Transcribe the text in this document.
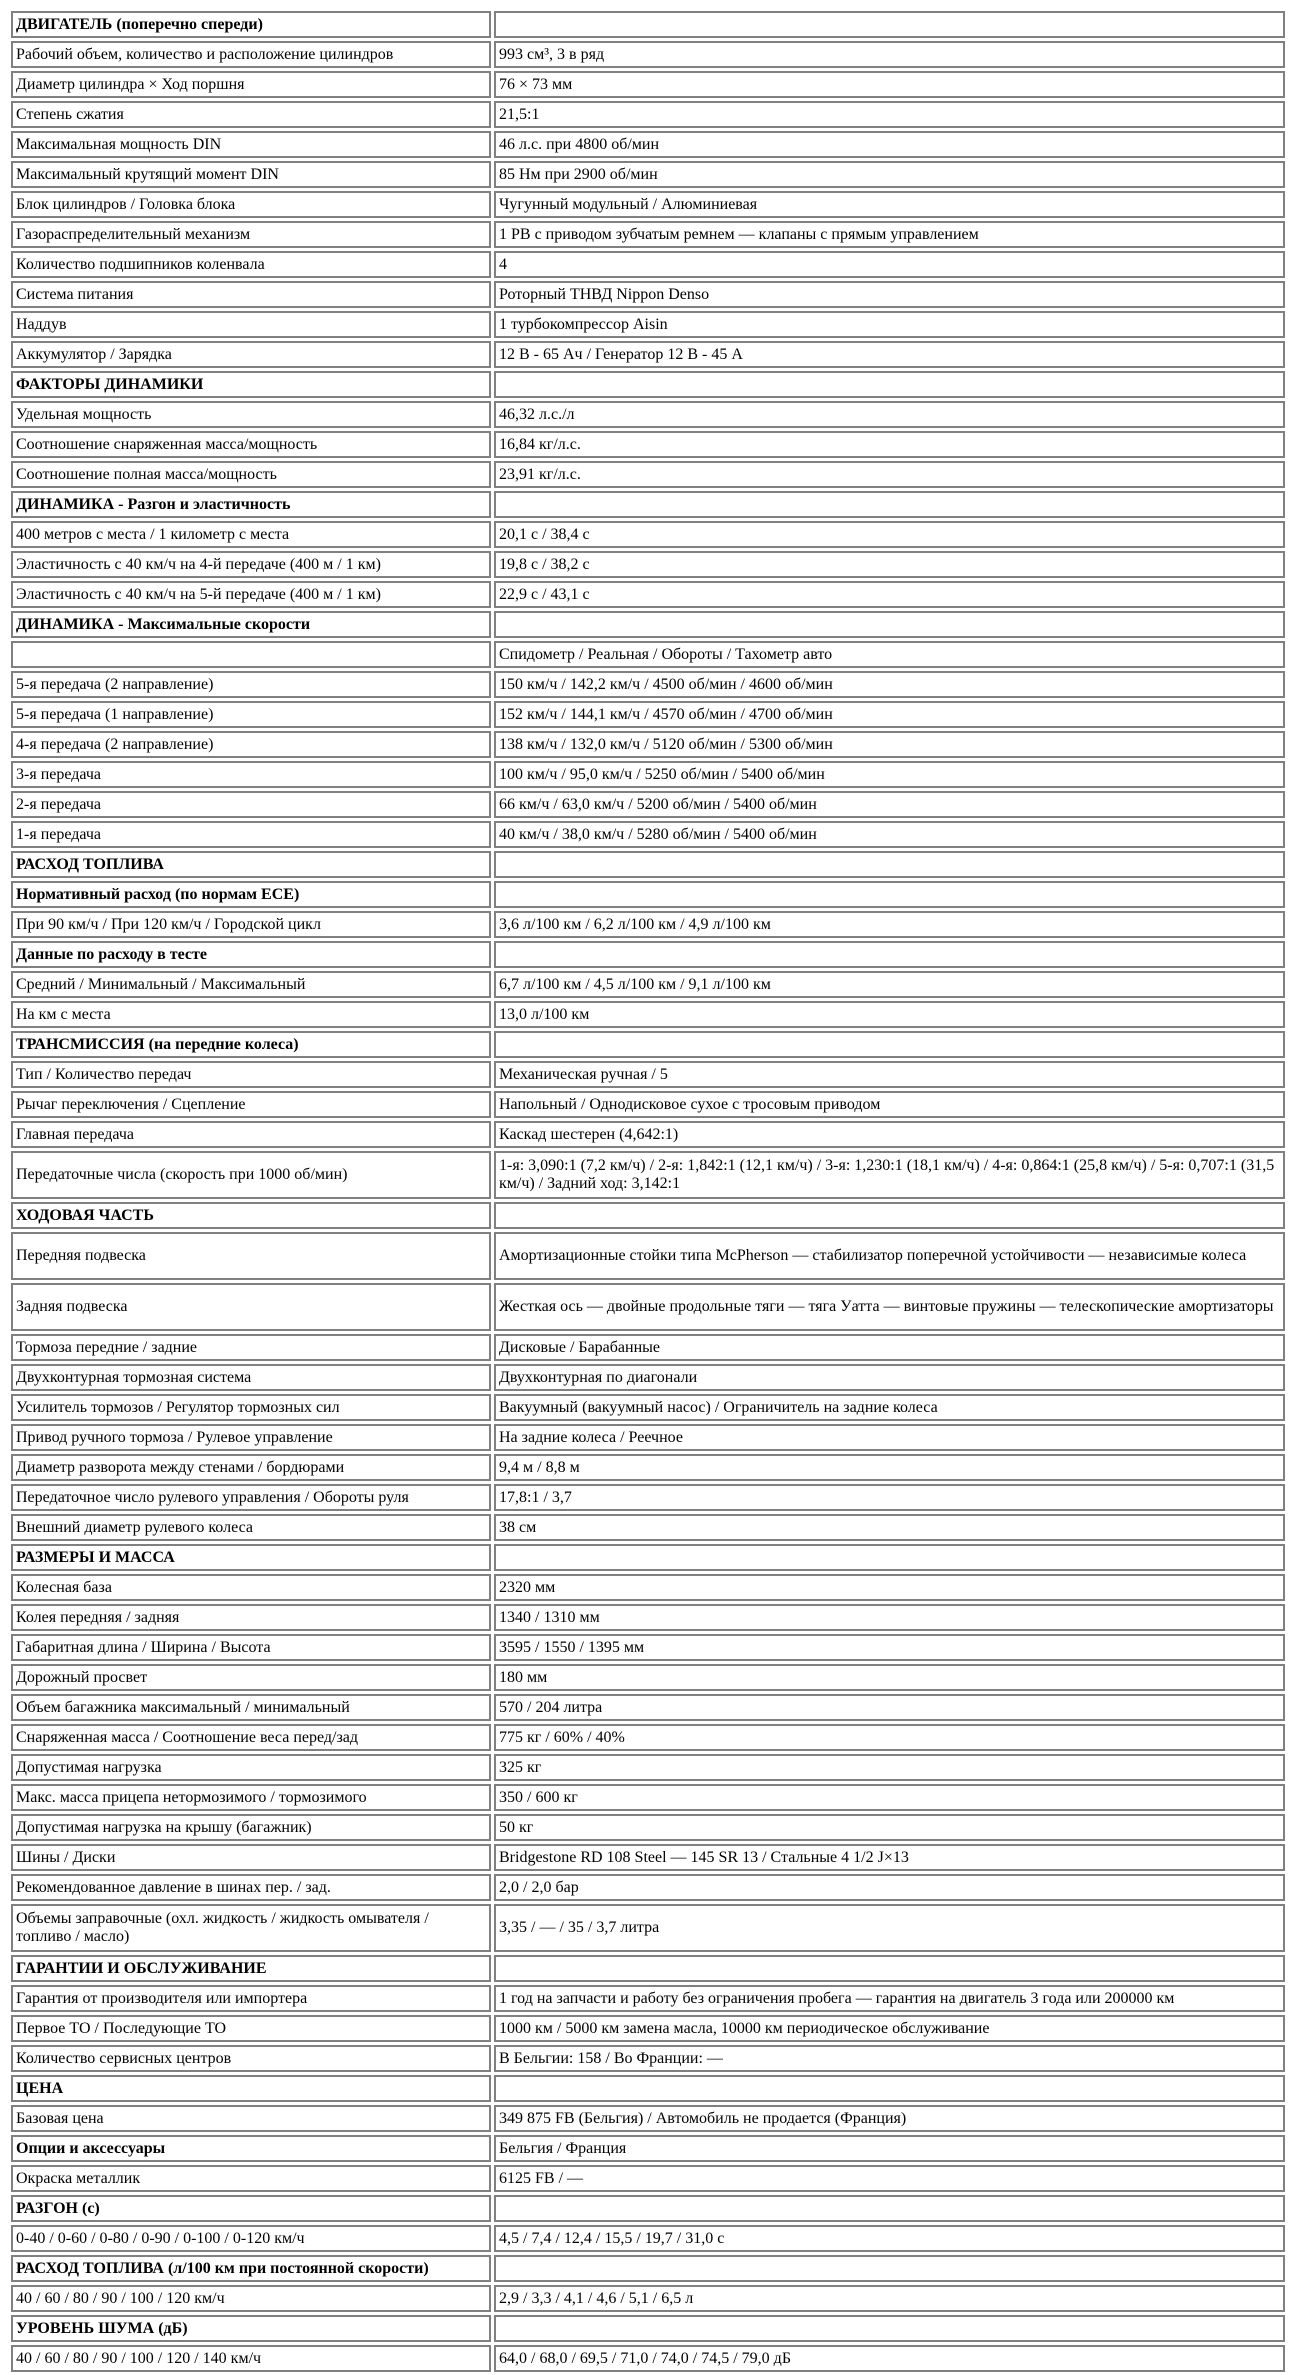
ДВИГАТЕЛЬ (поперечно спереди)	
Рабочий объем, количество и расположение цилиндров	993 см³, 3 в ряд
Диаметр цилиндра × Ход поршня	76 × 73 мм
Степень сжатия	21,5:1
Максимальная мощность DIN	46 л.с. при 4800 об/мин
Максимальный крутящий момент DIN	85 Нм при 2900 об/мин
Блок цилиндров / Головка блока	Чугунный модульный / Алюминиевая
Газораспределительный механизм	1 РВ с приводом зубчатым ремнем — клапаны с прямым управлением
Количество подшипников коленвала	4
Система питания	Роторный ТНВД Nippon Denso
Наддув	1 турбокомпрессор Aisin
Аккумулятор / Зарядка	12 В - 65 Ач / Генератор 12 В - 45 А
ФАКТОРЫ ДИНАМИКИ	
Удельная мощность	46,32 л.с./л
Соотношение снаряженная масса/мощность	16,84 кг/л.с.
Соотношение полная масса/мощность	23,91 кг/л.с.
ДИНАМИКА - Разгон и эластичность	
400 метров с места / 1 километр с места	20,1 с / 38,4 с
Эластичность с 40 км/ч на 4-й передаче (400 м / 1 км)	19,8 с / 38,2 с
Эластичность с 40 км/ч на 5-й передаче (400 м / 1 км)	22,9 с / 43,1 с
ДИНАМИКА - Максимальные скорости	
	Спидометр / Реальная / Обороты / Тахометр авто
5-я передача (2 направление)	150 км/ч / 142,2 км/ч / 4500 об/мин / 4600 об/мин
5-я передача (1 направление)	152 км/ч / 144,1 км/ч / 4570 об/мин / 4700 об/мин
4-я передача (2 направление)	138 км/ч / 132,0 км/ч / 5120 об/мин / 5300 об/мин
3-я передача	100 км/ч / 95,0 км/ч / 5250 об/мин / 5400 об/мин
2-я передача	66 км/ч / 63,0 км/ч / 5200 об/мин / 5400 об/мин
1-я передача	40 км/ч / 38,0 км/ч / 5280 об/мин / 5400 об/мин
РАСХОД ТОПЛИВА	
Нормативный расход (по нормам ЕСЕ)	
При 90 км/ч / При 120 км/ч / Городской цикл	3,6 л/100 км / 6,2 л/100 км / 4,9 л/100 км
Данные по расходу в тесте	
Средний / Минимальный / Максимальный	6,7 л/100 км / 4,5 л/100 км / 9,1 л/100 км
На км с места	13,0 л/100 км
ТРАНСМИССИЯ (на передние колеса)	
Тип / Количество передач	Механическая ручная / 5
Рычаг переключения / Сцепление	Напольный / Однодисковое сухое с тросовым приводом
Главная передача	Каскад шестерен (4,642:1)
Передаточные числа (скорость при 1000 об/мин)	1-я: 3,090:1 (7,2 км/ч) / 2-я: 1,842:1 (12,1 км/ч) / 3-я: 1,230:1 (18,1 км/ч) / 4-я: 0,864:1 (25,8 км/ч) / 5-я: 0,707:1 (31,5 км/ч) / Задний ход: 3,142:1
ХОДОВАЯ ЧАСТЬ	
Передняя подвеска	Амортизационные стойки типа McPherson — стабилизатор поперечной устойчивости — независимые колеса
Задняя подвеска	Жесткая ось — двойные продольные тяги — тяга Уатта — винтовые пружины — телескопические амортизаторы
Тормоза передние / задние	Дисковые / Барабанные
Двухконтурная тормозная система	Двухконтурная по диагонали
Усилитель тормозов / Регулятор тормозных сил	Вакуумный (вакуумный насос) / Ограничитель на задние колеса
Привод ручного тормоза / Рулевое управление	На задние колеса / Реечное
Диаметр разворота между стенами / бордюрами	9,4 м / 8,8 м
Передаточное число рулевого управления / Обороты руля	17,8:1 / 3,7
Внешний диаметр рулевого колеса	38 см
РАЗМЕРЫ И МАССА	
Колесная база	2320 мм
Колея передняя / задняя	1340 / 1310 мм
Габаритная длина / Ширина / Высота	3595 / 1550 / 1395 мм
Дорожный просвет	180 мм
Объем багажника максимальный / минимальный	570 / 204 литра
Снаряженная масса / Соотношение веса перед/зад	775 кг / 60% / 40%
Допустимая нагрузка	325 кг
Макс. масса прицепа нетормозимого / тормозимого	350 / 600 кг
Допустимая нагрузка на крышу (багажник)	50 кг
Шины / Диски	Bridgestone RD 108 Steel — 145 SR 13 / Стальные 4 1/2 J×13
Рекомендованное давление в шинах пер. / зад.	2,0 / 2,0 бар
Объемы заправочные (охл. жидкость / жидкость омывателя / топливо / масло)	3,35 / — / 35 / 3,7 литра
ГАРАНТИИ И ОБСЛУЖИВАНИЕ	
Гарантия от производителя или импортера	1 год на запчасти и работу без ограничения пробега — гарантия на двигатель 3 года или 200000 км
Первое ТО / Последующие ТО	1000 км / 5000 км замена масла, 10000 км периодическое обслуживание
Количество сервисных центров	В Бельгии: 158 / Во Франции: —
ЦЕНА	
Базовая цена	349 875 FB (Бельгия) / Автомобиль не продается (Франция)
Опции и аксессуары	Бельгия / Франция
Окраска металлик	6125 FB / —
РАЗГОН (с)	
0-40 / 0-60 / 0-80 / 0-90 / 0-100 / 0-120 км/ч	4,5 / 7,4 / 12,4 / 15,5 / 19,7 / 31,0 с
РАСХОД ТОПЛИВА (л/100 км при постоянной скорости)	
40 / 60 / 80 / 90 / 100 / 120 км/ч	2,9 / 3,3 / 4,1 / 4,6 / 5,1 / 6,5 л
УРОВЕНЬ ШУМА (дБ)	
40 / 60 / 80 / 90 / 100 / 120 / 140 км/ч	64,0 / 68,0 / 69,5 / 71,0 / 74,0 / 74,5 / 79,0 дБ
